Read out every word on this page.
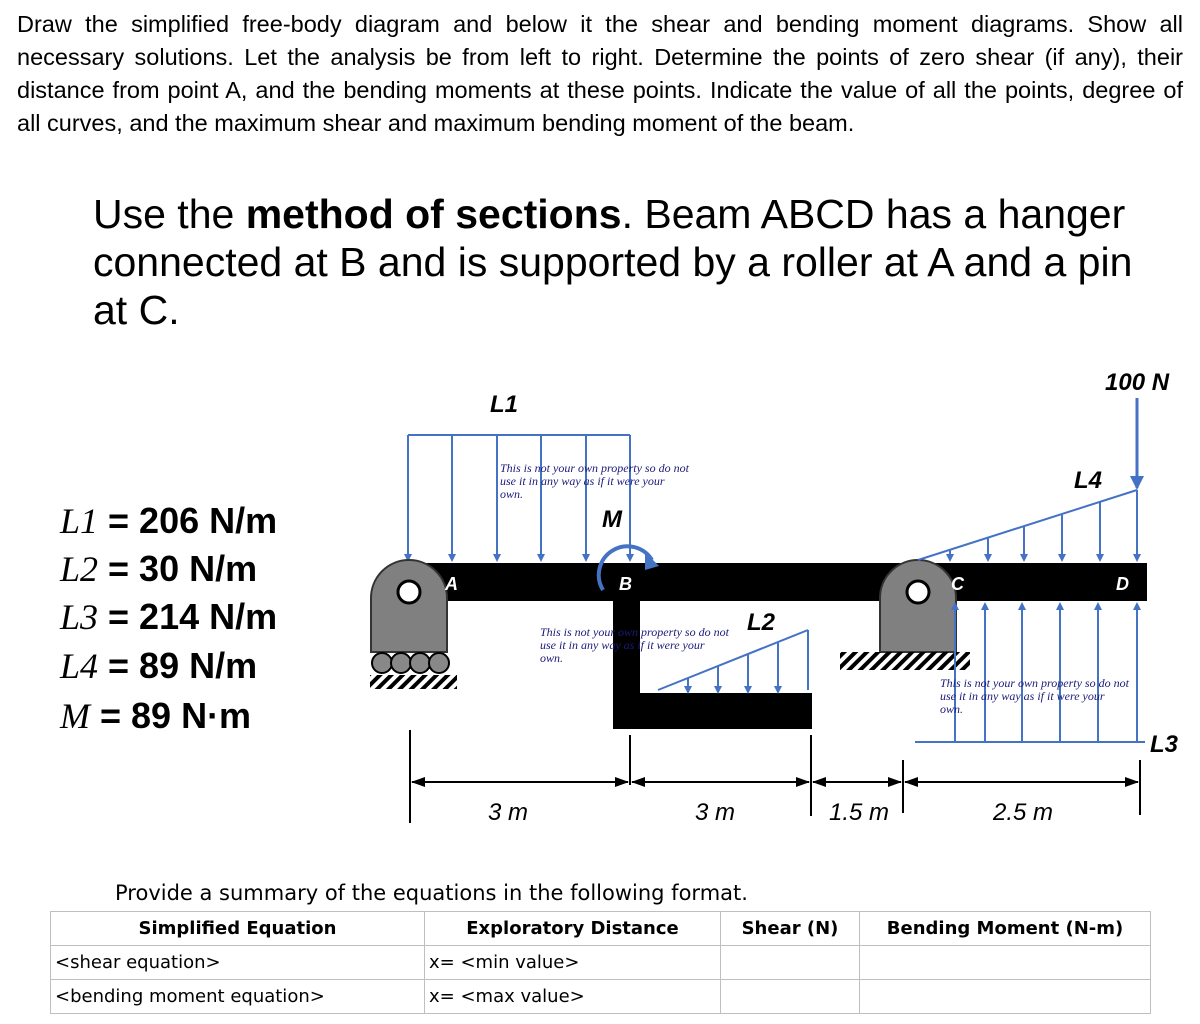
Draw the simplified free-body diagram and below it the shear and bending moment diagrams. Show all necessary solutions. Let the analysis be from left to right. Determine the points of zero shear (if any), their distance from point A, and the bending moments at these points. Indicate the value of all the points, degree of all curves, and the maximum shear and maximum bending moment of the beam.
Use the method of sections. Beam ABCD has a hanger connected at B and is supported by a roller at A and a pin at C.
L1 = 206 N/m
L2 = 30 N/m
L3 = 214 N/m
L4 = 89 N/m
M = 89 N·m
L1
A	C	D
B
M
L2
L4
100 N
L3
3 m	3 m	1.5 m	2.5 m
This is not your own property so do not use it in any way as if it were your own.
This is not your own property so do not use it in any way as if it were your own.
This is not your own property so do not use it in any way as if it were your own.
Provide a summary of the equations in the following format.
Simplified Equation	Exploratory Distance	Shear (N)	Bending Moment (N-m)
<shear equation>	x= <min value>		
<bending moment equation>	x= <max value>		
